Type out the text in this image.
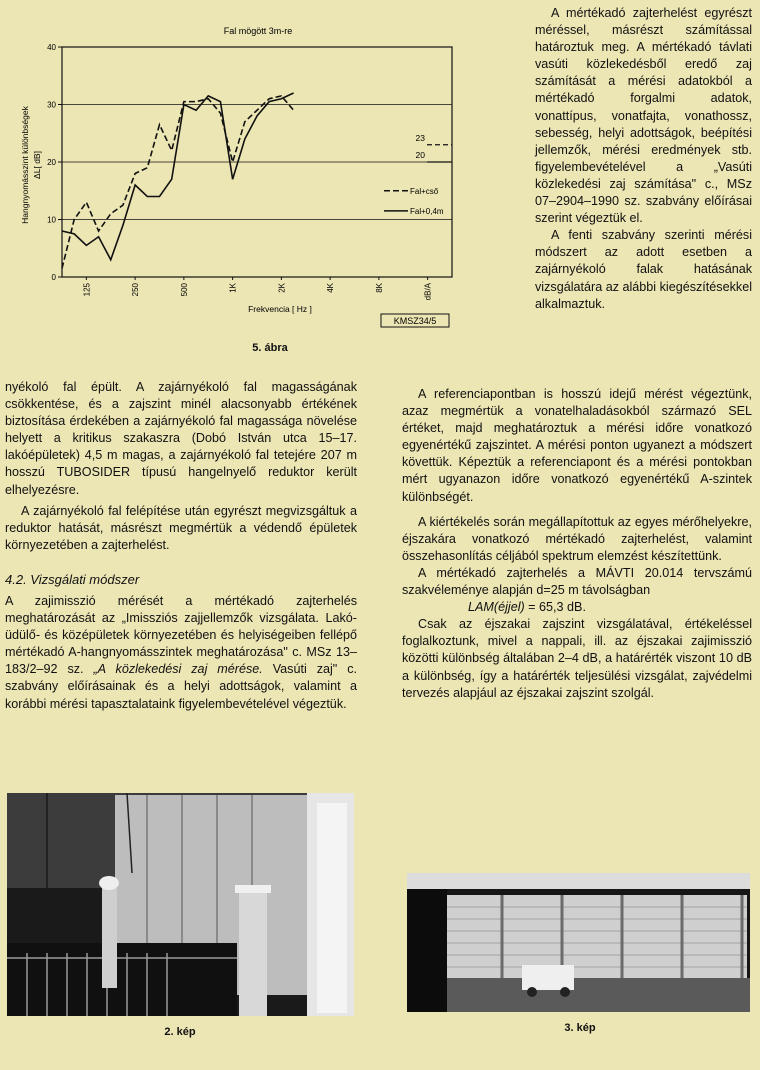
Fal mögött 3m-re
Hangnyomásszint különbségek ΔL[ dB]
0
10
20
30
40
125	250	500	1K	2K	4K	8K	dB/A
23
20
Fal+cső
Fal+0,4m
Frekvencia [ Hz ]
KMSZ34/5
5. ábra

A mértékadó zajterhelést egyrészt méréssel, másrészt számítással határoztuk meg. A mértékadó távlati vasúti közlekedésből eredő zaj számítását a mérési adatokból a mértékadó forgalmi adatok, vonattípus, vonatfajta, vonathossz, sebesség, helyi adottságok, beépítési jellemzők, mérési eredmények stb. figyelembevételével a „Vasúti közlekedési zaj számítása" c., MSz 07–2904–1990 sz. szabvány előírásai szerint végeztük el.

A fenti szabvány szerinti mérési módszert az adott esetben a zajárnyékoló falak hatásának vizsgálatára az alábbi kiegészítésekkel alkalmaztuk.

nyékoló fal épült. A zajárnyékoló fal magasságának csökkentése, és a zajszint minél alacsonyabb értékének biztosítása érdekében a zajárnyékoló fal magassága növelése helyett a kritikus szakaszra (Dobó István utca 15–17. lakóépületek) 4,5 m magas, a zajárnyékoló fal tetejére 207 m hosszú TUBOSIDER típusú hangelnyelő reduktor került elhelyezésre.

A zajárnyékoló fal felépítése után egyrészt megvizsgáltuk a reduktor hatását, másrészt megmértük a védendő épületek környezetében a zajterhelést.

4.2. Vizsgálati módszer

A zajimisszió mérését a mértékadó zajterhelés meghatározását az „Imissziós zajjellemzők vizsgálata. Lakó- üdülő- és középületek környezetében és helyiségeiben fellépő mértékadó A-hangnyomásszintek meghatározása" c. MSz 13–183/2–92 sz. „A közlekedési zaj mérése. Vasúti zaj" c. szabvány előírásainak és a helyi adottságok, valamint a korábbi mérési tapasztalataink figyelembevételével végeztük.

A referenciapontban is hosszú idejű mérést végeztünk, azaz megmértük a vonatelhaladásokból származó SEL értéket, majd meghatároztuk a mérési időre vonatkozó egyenértékű zajszintet. A mérési ponton ugyanezt a módszert követtük. Képeztük a referenciapont és a mérési pontokban mért ugyanazon időre vonatkozó egyenértékű A-szintek különbségét.

A kiértékelés során megállapítottuk az egyes mérőhelyekre, éjszakára vonatkozó mértékadó zajterhelést, valamint összehasonlítás céljából spektrum elemzést készítettünk.

A mértékadó zajterhelés a MÁVTI 20.014 tervszámú szakvéleménye alapján d=25 m távolságban

LAM(éjjel) = 65,3 dB.

Csak az éjszakai zajszint vizsgálatával, értékeléssel foglalkoztunk, mivel a nappali, ill. az éjszakai zajimisszió közötti különbség általában 2–4 dB, a határérték viszont 10 dB a különbség, így a határérték teljesülési vizsgálat, zajvédelmi tervezés alapjául az éjszakai zajszint szolgál.

2. kép	3. kép
